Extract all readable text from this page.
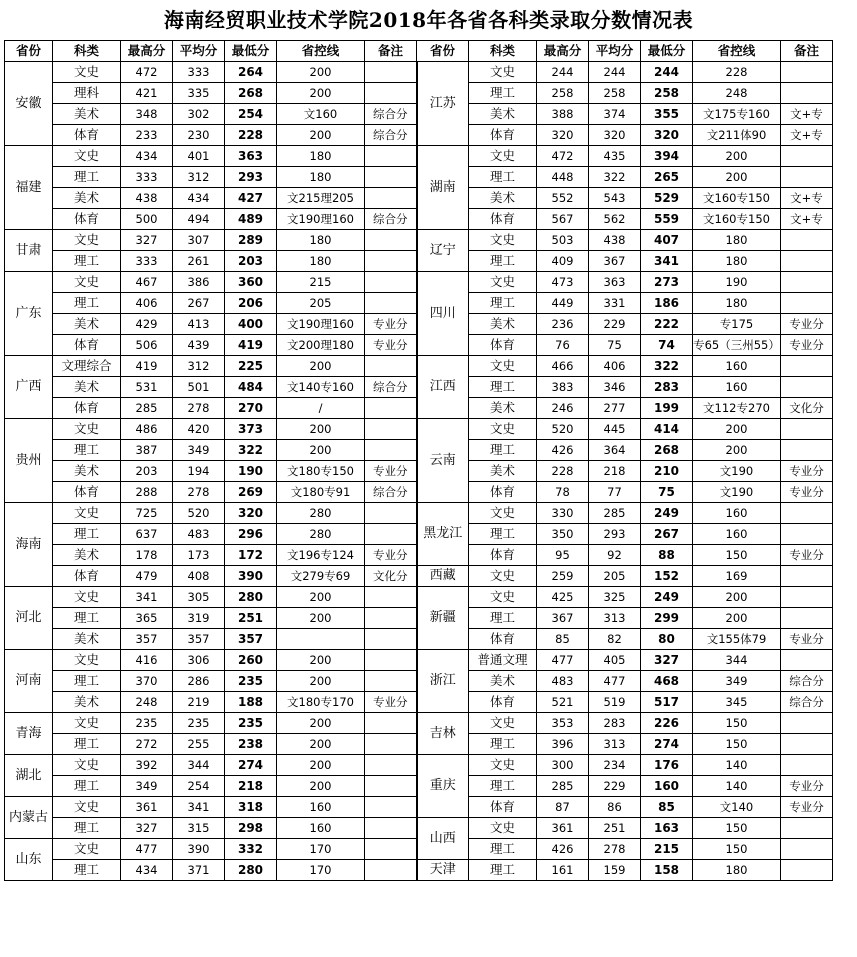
海南经贸职业技术学院2018年各省各科类录取分数情况表
省份	科类	最高分	平均分	最低分	省控线	备注	省份	科类	最高分	平均分	最低分	省控线	备注
安徽	文史	472	333	264	200		江苏	文史	244	244	244	228	
	理科	421	335	268	200			理工	258	258	258	248	
	美术	348	302	254	文160	综合分		美术	388	374	355	文175专160	文+专
	体育	233	230	228	200	综合分		体育	320	320	320	文211体90	文+专
福建	文史	434	401	363	180		湖南	文史	472	435	394	200	
	理工	333	312	293	180			理工	448	322	265	200	
	美术	438	434	427	文215理205			美术	552	543	529	文160专150	文+专
	体育	500	494	489	文190理160	综合分		体育	567	562	559	文160专150	文+专
甘肃	文史	327	307	289	180		辽宁	文史	503	438	407	180	
	理工	333	261	203	180			理工	409	367	341	180	
广东	文史	467	386	360	215		四川	文史	473	363	273	190	
	理工	406	267	206	205			理工	449	331	186	180	
	美术	429	413	400	文190理160	专业分		美术	236	229	222	专175	专业分
	体育	506	439	419	文200理180	专业分		体育	76	75	74	专65（三州55）	专业分
广西	文理综合	419	312	225	200		江西	文史	466	406	322	160	
	美术	531	501	484	文140专160	综合分		理工	383	346	283	160	
	体育	285	278	270	/			美术	246	277	199	文112专270	文化分
贵州	文史	486	420	373	200		云南	文史	520	445	414	200	
	理工	387	349	322	200			理工	426	364	268	200	
	美术	203	194	190	文180专150	专业分		美术	228	218	210	文190	专业分
	体育	288	278	269	文180专91	综合分		体育	78	77	75	文190	专业分
海南	文史	725	520	320	280		黑龙江	文史	330	285	249	160	
	理工	637	483	296	280			理工	350	293	267	160	
	美术	178	173	172	文196专124	专业分		体育	95	92	88	150	专业分
	体育	479	408	390	文279专69	文化分	西藏	文史	259	205	152	169	
河北	文史	341	305	280	200		新疆	文史	425	325	249	200	
	理工	365	319	251	200			理工	367	313	299	200	
	美术	357	357	357				体育	85	82	80	文155体79	专业分
河南	文史	416	306	260	200		浙江	普通文理	477	405	327	344	
	理工	370	286	235	200			美术	483	477	468	349	综合分
	美术	248	219	188	文180专170	专业分		体育	521	519	517	345	综合分
青海	文史	235	235	235	200		吉林	文史	353	283	226	150	
	理工	272	255	238	200			理工	396	313	274	150	
湖北	文史	392	344	274	200		重庆	文史	300	234	176	140	
	理工	349	254	218	200			理工	285	229	160	140	专业分
内蒙古	文史	361	341	318	160			体育	87	86	85	文140	专业分
	理工	327	315	298	160		山西	文史	361	251	163	150	
山东	文史	477	390	332	170			理工	426	278	215	150	
	理工	434	371	280	170		天津	理工	161	159	158	180	
